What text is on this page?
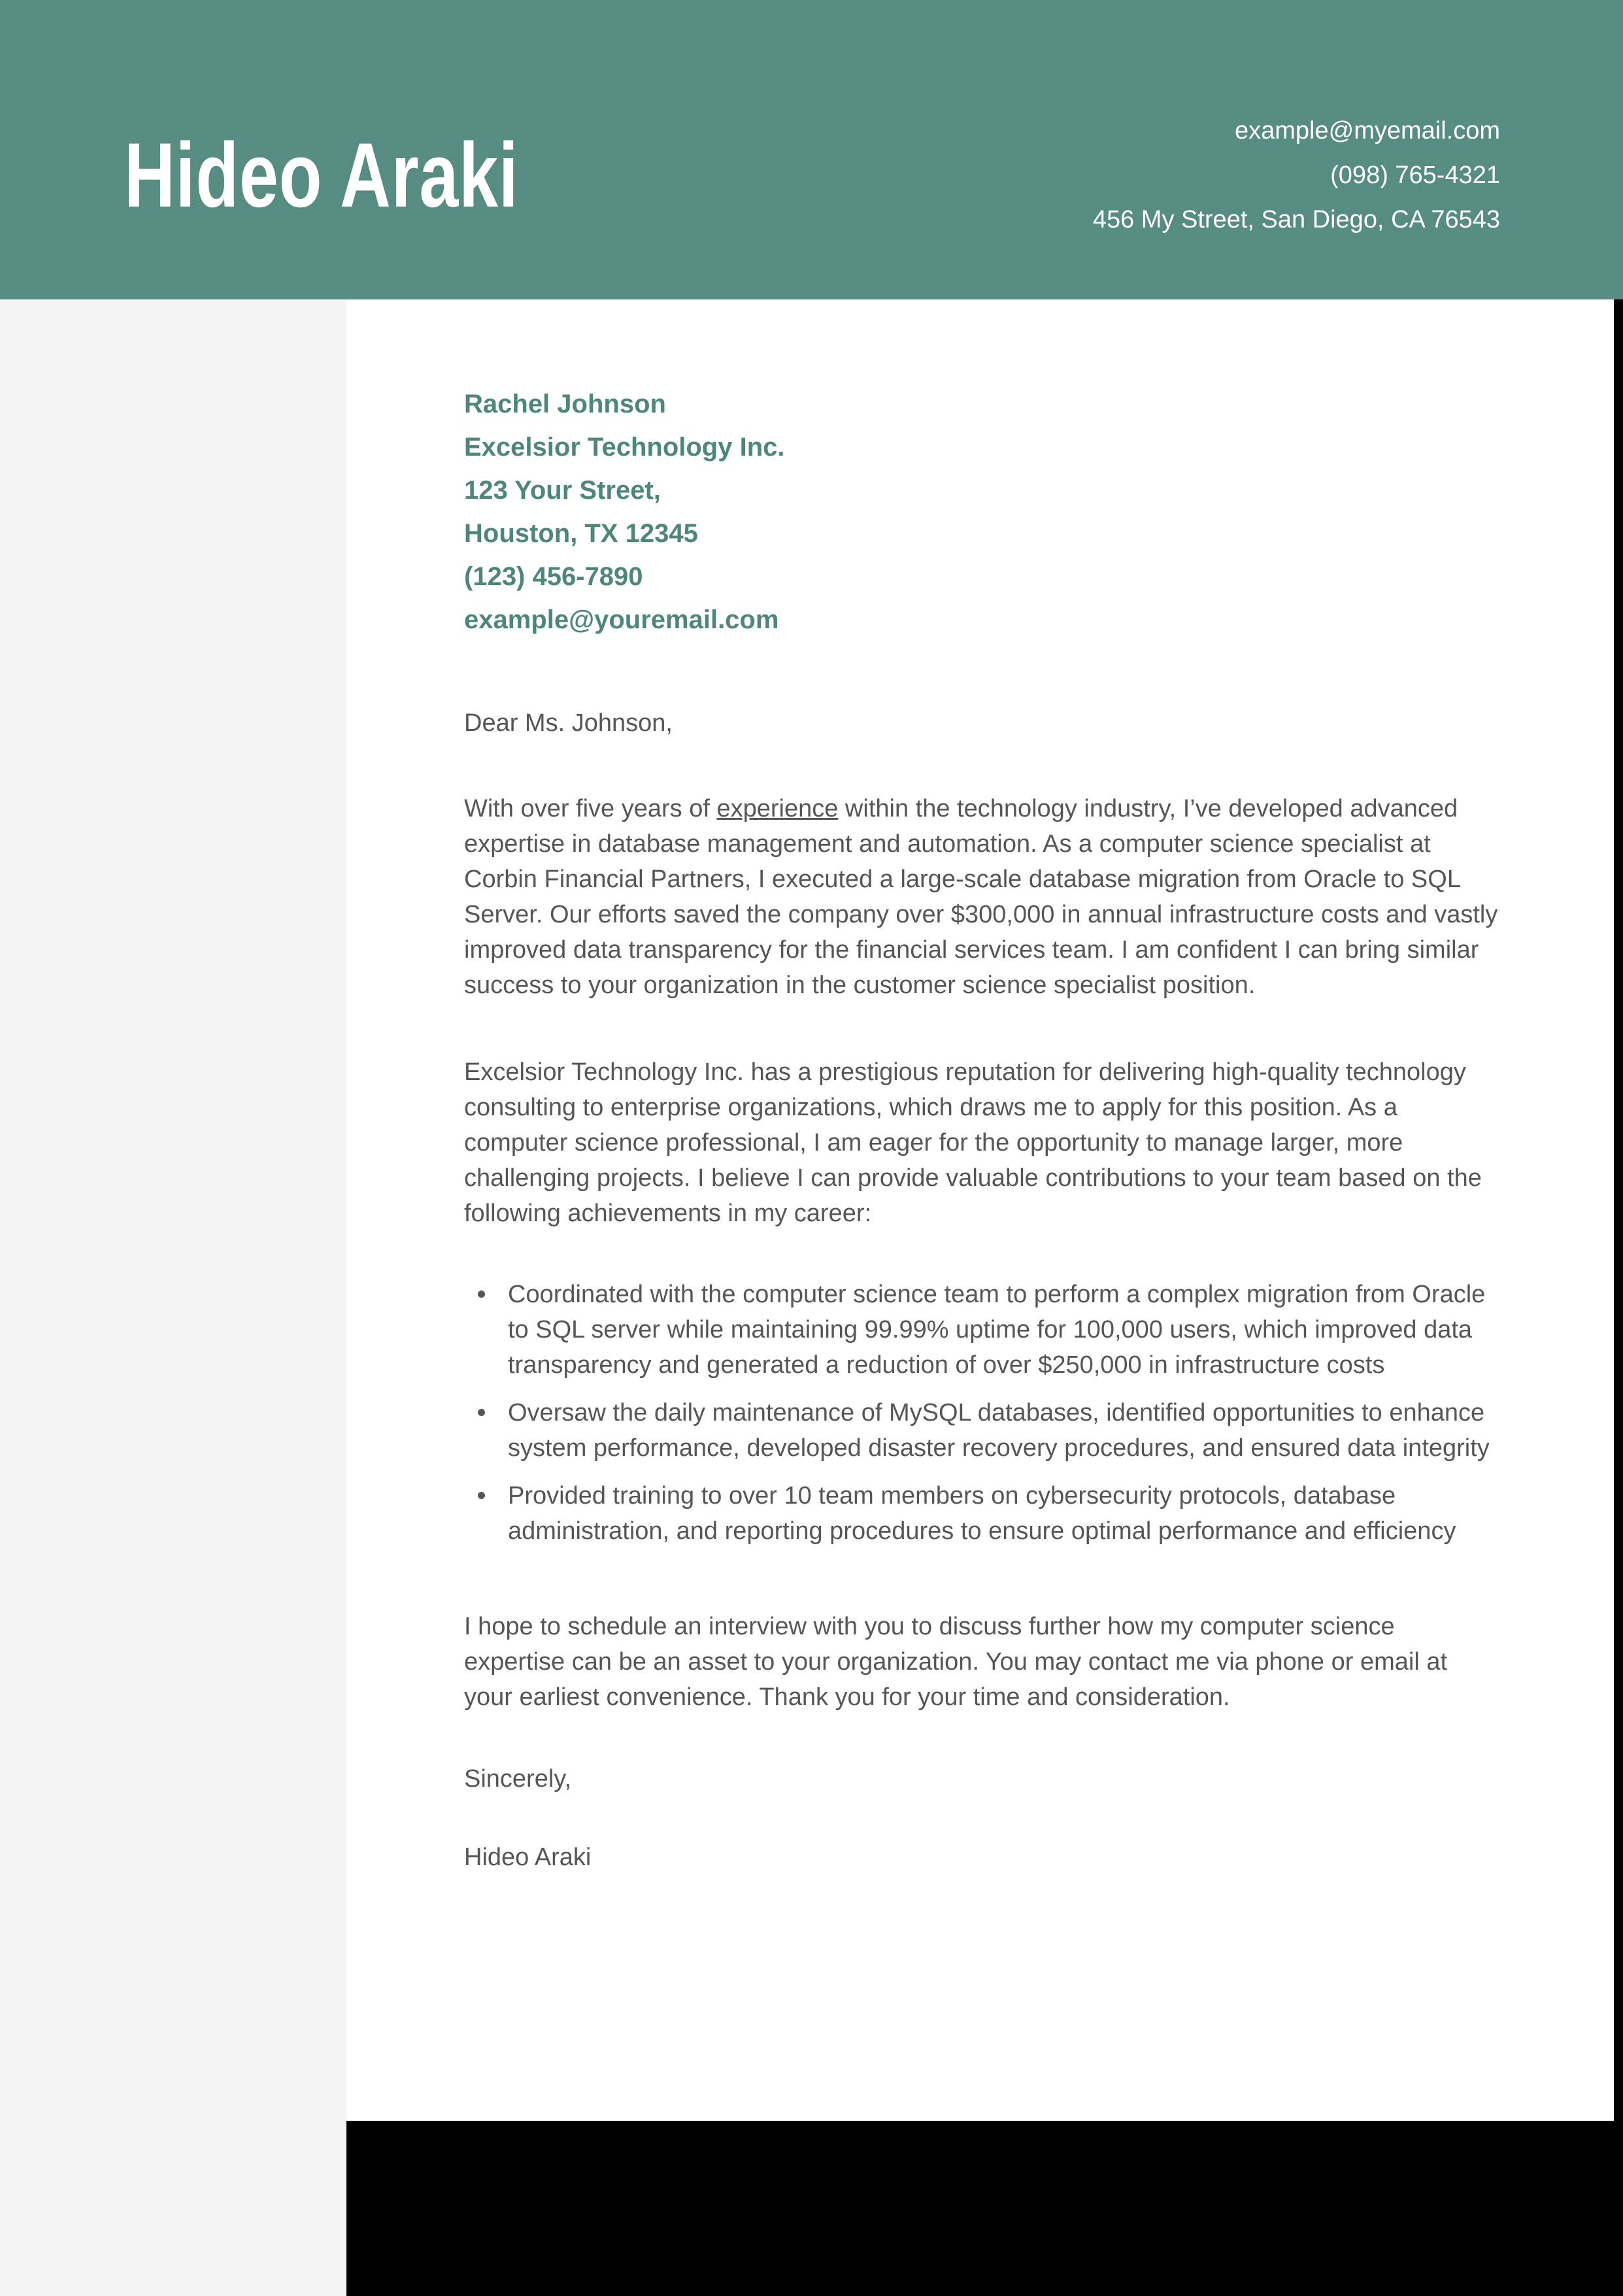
Hideo Araki	example@myemail.com
(098) 765-4321
456 My Street, San Diego, CA 76543
Rachel Johnson
Excelsior Technology Inc.
123 Your Street,
Houston, TX 12345
(123) 456-7890
example@youremail.com
Dear Ms. Johnson,
With over five years of experience within the technology industry, I’ve developed advanced expertise in database management and automation. As a computer science specialist at Corbin Financial Partners, I executed a large-scale database migration from Oracle to SQL Server. Our efforts saved the company over $300,000 in annual infrastructure costs and vastly improved data transparency for the financial services team. I am confident I can bring similar success to your organization in the customer science specialist position.
Excelsior Technology Inc. has a prestigious reputation for delivering high-quality technology consulting to enterprise organizations, which draws me to apply for this position. As a computer science professional, I am eager for the opportunity to manage larger, more challenging projects. I believe I can provide valuable contributions to your team based on the following achievements in my career:
Coordinated with the computer science team to perform a complex migration from Oracle to SQL server while maintaining 99.99% uptime for 100,000 users, which improved data transparency and generated a reduction of over $250,000 in infrastructure costs
Oversaw the daily maintenance of MySQL databases, identified opportunities to enhance system performance, developed disaster recovery procedures, and ensured data integrity
Provided training to over 10 team members on cybersecurity protocols, database administration, and reporting procedures to ensure optimal performance and efficiency
I hope to schedule an interview with you to discuss further how my computer science expertise can be an asset to your organization. You may contact me via phone or email at your earliest convenience. Thank you for your time and consideration.
Sincerely,
Hideo Araki
